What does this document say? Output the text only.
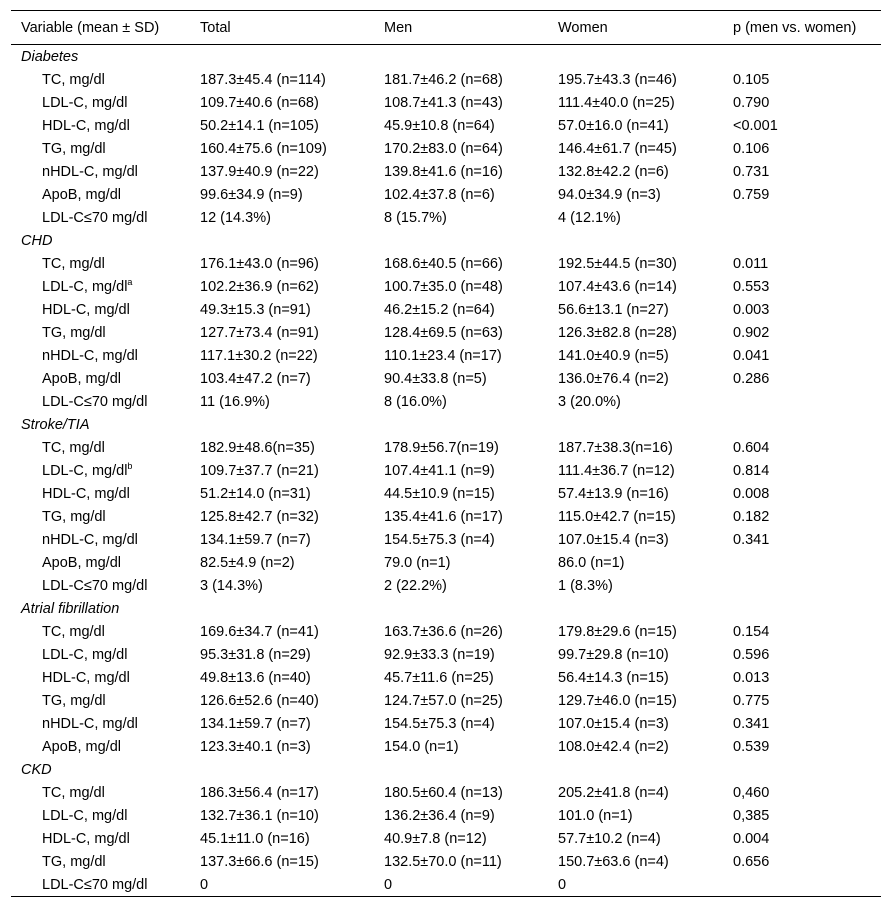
Variable (mean ± SD)	Total	Men	Women	p (men vs. women)
Diabetes				
TC, mg/dl	187.3±45.4 (n=114)	181.7±46.2 (n=68)	195.7±43.3 (n=46)	0.105
LDL-C, mg/dl	109.7±40.6 (n=68)	108.7±41.3 (n=43)	111.4±40.0 (n=25)	0.790
HDL-C, mg/dl	50.2±14.1 (n=105)	45.9±10.8 (n=64)	57.0±16.0 (n=41)	<0.001
TG, mg/dl	160.4±75.6 (n=109)	170.2±83.0 (n=64)	146.4±61.7 (n=45)	0.106
nHDL-C, mg/dl	137.9±40.9 (n=22)	139.8±41.6 (n=16)	132.8±42.2 (n=6)	0.731
ApoB, mg/dl	99.6±34.9 (n=9)	102.4±37.8 (n=6)	94.0±34.9 (n=3)	0.759
LDL-C≤70 mg/dl	12 (14.3%)	8 (15.7%)	4 (12.1%)	
CHD				
TC, mg/dl	176.1±43.0 (n=96)	168.6±40.5 (n=66)	192.5±44.5 (n=30)	0.011
LDL-C, $mg/dl^a$	102.2±36.9 (n=62)	100.7±35.0 (n=48)	107.4±43.6 (n=14)	0.553
HDL-C, mg/dl	49.3±15.3 (n=91)	46.2±15.2 (n=64)	56.6±13.1 (n=27)	0.003
TG, mg/dl	127.7±73.4 (n=91)	128.4±69.5 (n=63)	126.3±82.8 (n=28)	0.902
nHDL-C, mg/dl	117.1±30.2 (n=22)	110.1±23.4 (n=17)	141.0±40.9 (n=5)	0.041
ApoB, mg/dl	103.4±47.2 (n=7)	90.4±33.8 (n=5)	136.0±76.4 (n=2)	0.286
LDL-C≤70 mg/dl	11 (16.9%)	8 (16.0%)	3 (20.0%)	
Stroke/TIA				
TC, mg/dl	182.9±48.6(n=35)	178.9±56.7(n=19)	187.7±38.3(n=16)	0.604
LDL-C, $mg/dl^b$	109.7±37.7 (n=21)	107.4±41.1 (n=9)	111.4±36.7 (n=12)	0.814
HDL-C, mg/dl	51.2±14.0 (n=31)	44.5±10.9 (n=15)	57.4±13.9 (n=16)	0.008
TG, mg/dl	125.8±42.7 (n=32)	135.4±41.6 (n=17)	115.0±42.7 (n=15)	0.182
nHDL-C, mg/dl	134.1±59.7 (n=7)	154.5±75.3 (n=4)	107.0±15.4 (n=3)	0.341
ApoB, mg/dl	82.5±4.9 (n=2)	79.0 (n=1)	86.0 (n=1)	
LDL-C≤70 mg/dl	3 (14.3%)	2 (22.2%)	1 (8.3%)	
Atrial fibrillation				
TC, mg/dl	169.6±34.7 (n=41)	163.7±36.6 (n=26)	179.8±29.6 (n=15)	0.154
LDL-C, mg/dl	95.3±31.8 (n=29)	92.9±33.3 (n=19)	99.7±29.8 (n=10)	0.596
HDL-C, mg/dl	49.8±13.6 (n=40)	45.7±11.6 (n=25)	56.4±14.3 (n=15)	0.013
TG, mg/dl	126.6±52.6 (n=40)	124.7±57.0 (n=25)	129.7±46.0 (n=15)	0.775
nHDL-C, mg/dl	134.1±59.7 (n=7)	154.5±75.3 (n=4)	107.0±15.4 (n=3)	0.341
ApoB, mg/dl	123.3±40.1 (n=3)	154.0 (n=1)	108.0±42.4 (n=2)	0.539
CKD				
TC, mg/dl	186.3±56.4 (n=17)	180.5±60.4 (n=13)	205.2±41.8 (n=4)	0,460
LDL-C, mg/dl	132.7±36.1 (n=10)	136.2±36.4 (n=9)	101.0 (n=1)	0,385
HDL-C, mg/dl	45.1±11.0 (n=16)	40.9±7.8 (n=12)	57.7±10.2 (n=4)	0.004
TG, mg/dl	137.3±66.6 (n=15)	132.5±70.0 (n=11)	150.7±63.6 (n=4)	0.656
LDL-C≤70 mg/dl	0	0	0	
